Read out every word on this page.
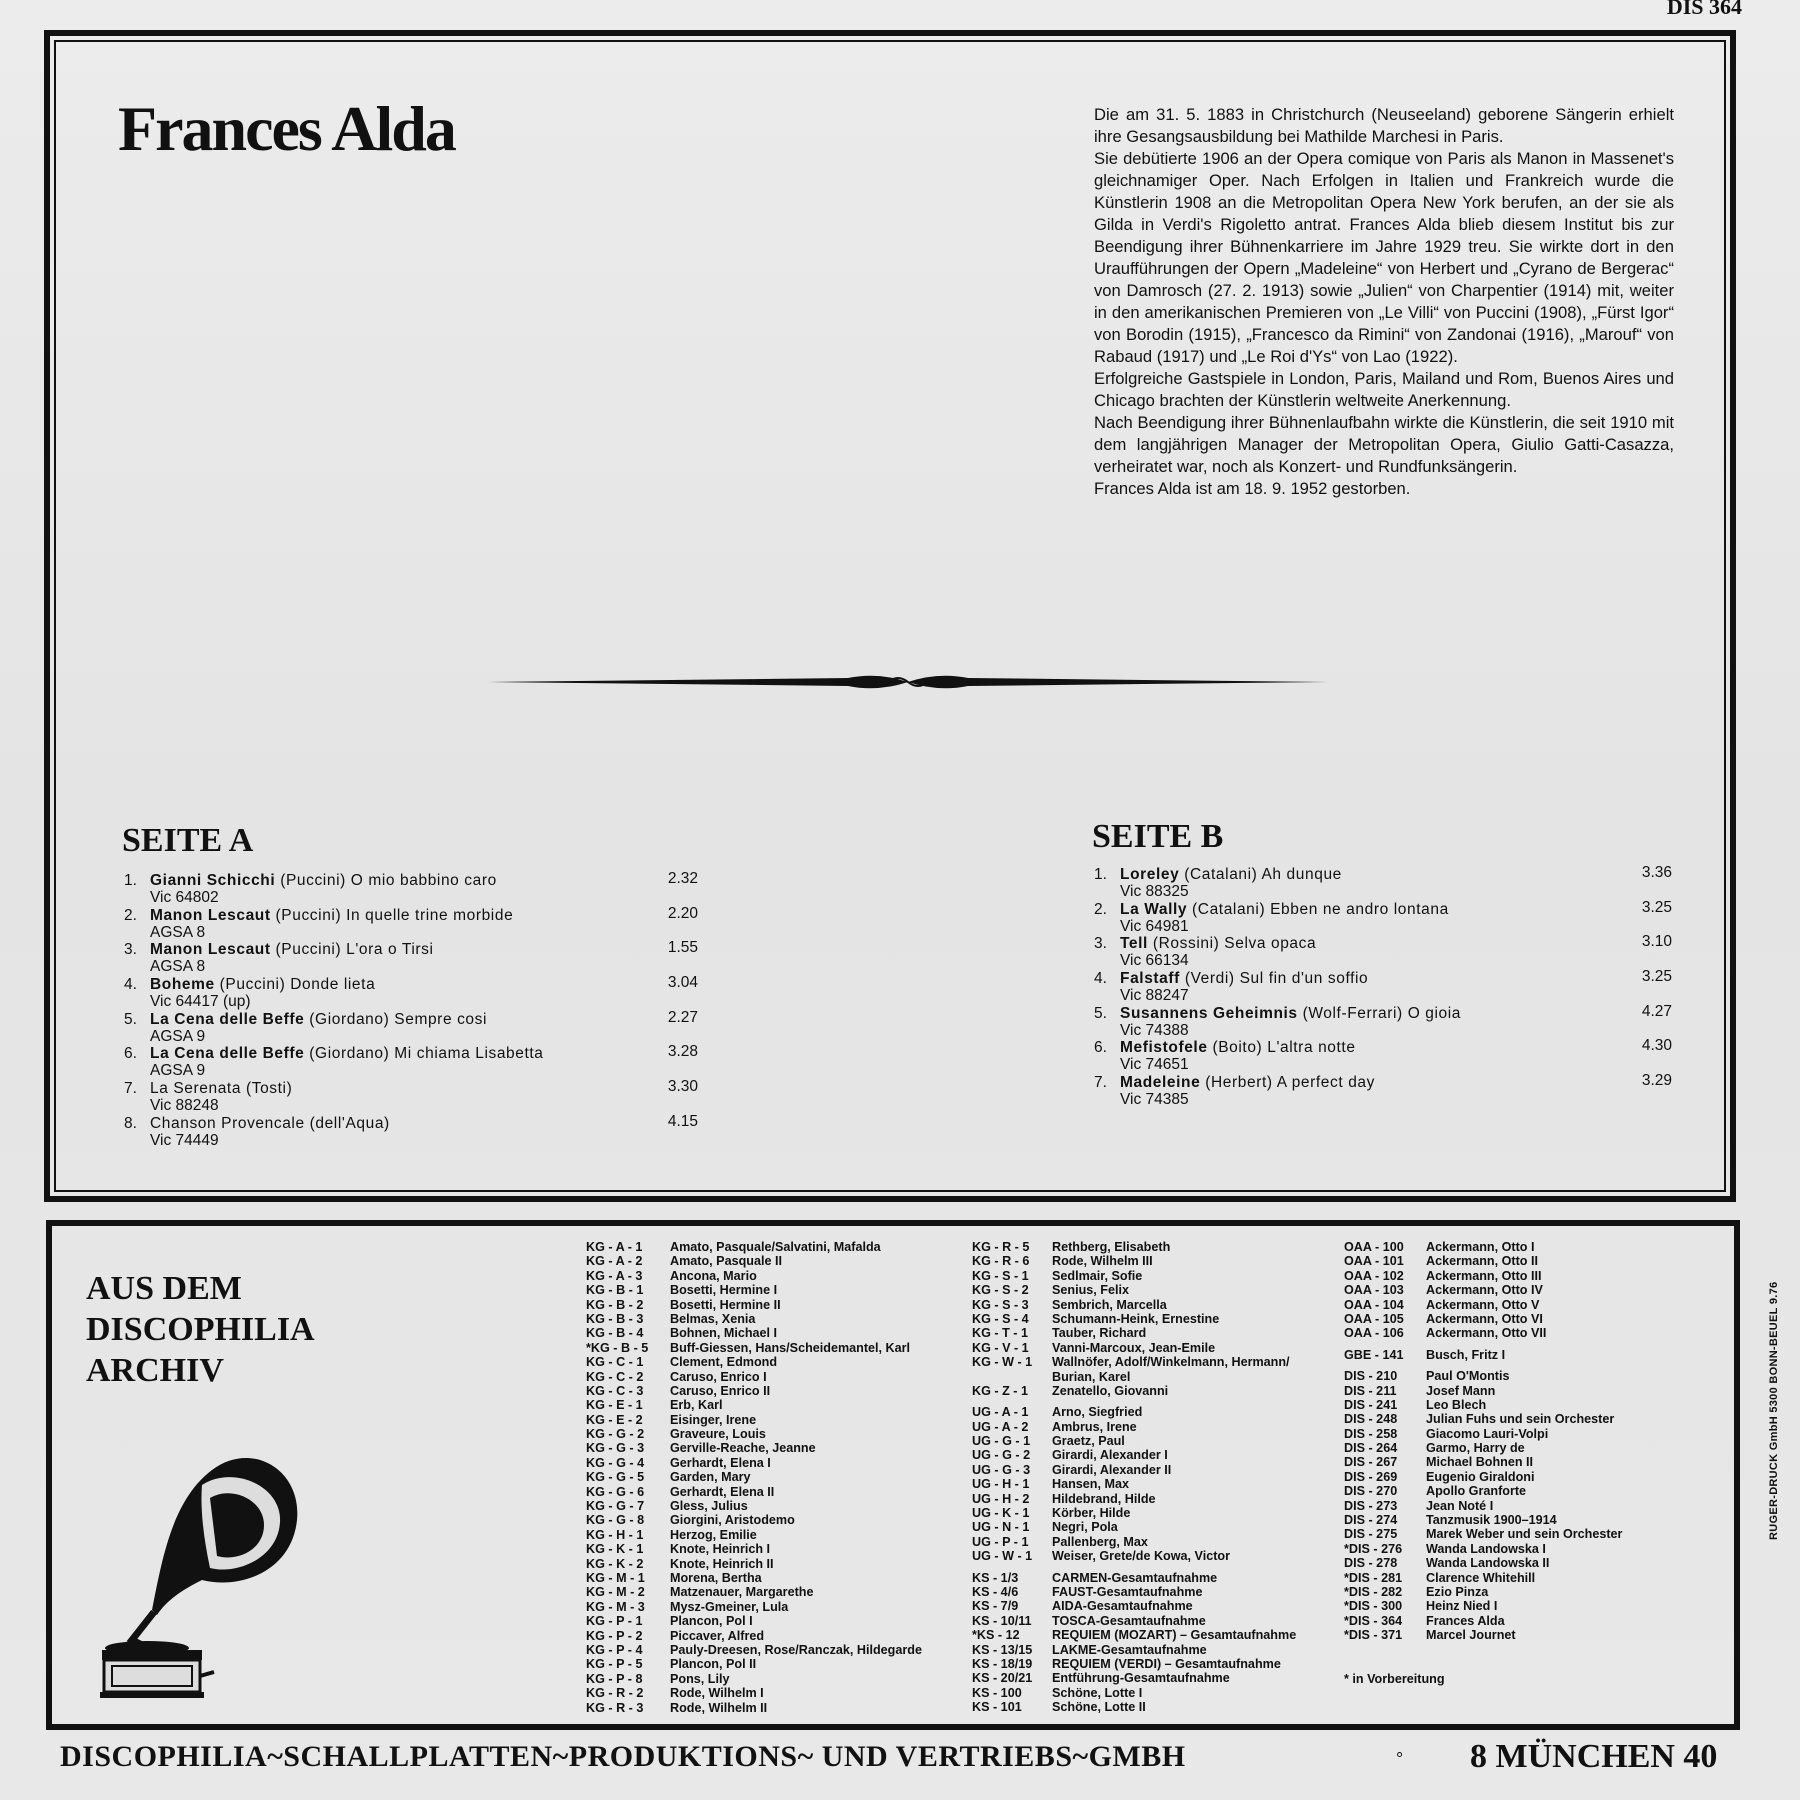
DIS 364
Frances Alda	Die am 31. 5. 1883 in Christchurch (Neuseeland) geborene Sängerin erhielt ihre Gesangsausbildung bei Mathilde Marchesi in Paris.

Sie debütierte 1906 an der Opera comique von Paris als Manon in Massenet's gleichnamiger Oper. Nach Erfolgen in Italien und Frankreich wurde die Künstlerin 1908 an die Metropolitan Opera New York berufen, an der sie als Gilda in Verdi's Rigoletto antrat. Frances Alda blieb diesem Institut bis zur Beendigung ihrer Bühnenkarriere im Jahre 1929 treu. Sie wirkte dort in den Uraufführungen der Opern „Madeleine“ von Herbert und „Cyrano de Bergerac“ von Damrosch (27. 2. 1913) sowie „Julien“ von Charpentier (1914) mit, weiter in den amerikanischen Premieren von „Le Villi“ von Puccini (1908), „Fürst Igor“ von Borodin (1915), „Francesco da Rimini“ von Zandonai (1916), „Marouf“ von Rabaud (1917) und „Le Roi d'Ys“ von Lao (1922).

Erfolgreiche Gastspiele in London, Paris, Mailand und Rom, Buenos Aires und Chicago brachten der Künstlerin weltweite Anerkennung.

Nach Beendigung ihrer Bühnenlaufbahn wirkte die Künstlerin, die seit 1910 mit dem langjährigen Manager der Metropolitan Opera, Giulio Gatti-Casazza, verheiratet war, noch als Konzert- und Rundfunksängerin.

Frances Alda ist am 18. 9. 1952 gestorben.

SEITE A
1. Gianni Schicchi (Puccini) O mio babbino caro
Vic 64802
2.32
2. Manon Lescaut (Puccini) In quelle trine morbide
AGSA 8
2.20
3. Manon Lescaut (Puccini) L'ora o Tirsi
AGSA 8
1.55
4. Boheme (Puccini) Donde lieta
Vic 64417 (up)
3.04
5. La Cena delle Beffe (Giordano) Sempre cosi
AGSA 9
2.27
6. La Cena delle Beffe (Giordano) Mi chiama Lisabetta
AGSA 9
3.28
7. La Serenata (Tosti)
Vic 88248
3.30
8. Chanson Provencale (dell'Aqua)
Vic 74449
4.15
SEITE B
1. Loreley (Catalani) Ah dunque
Vic 88325
3.36
2. La Wally (Catalani) Ebben ne andro lontana
Vic 64981
3.25
3. Tell (Rossini) Selva opaca
Vic 66134
3.10
4. Falstaff (Verdi) Sul fin d'un soffio
Vic 88247
3.25
5. Susannens Geheimnis (Wolf-Ferrari) O gioia
Vic 74388
4.27
6. Mefistofele (Boito) L'altra notte
Vic 74651
4.30
7. Madeleine (Herbert) A perfect day
Vic 74385
3.29
AUS DEM
DISCOPHILIA
ARCHIV
KG - A - 1 Amato, Pasquale/Salvatini, Mafalda
KG - A - 2 Amato, Pasquale II
KG - A - 3 Ancona, Mario
KG - B - 1 Bosetti, Hermine I
KG - B - 2 Bosetti, Hermine II
KG - B - 3 Belmas, Xenia
KG - B - 4 Bohnen, Michael I
*KG - B - 5 Buff-Giessen, Hans/Scheidemantel, Karl
KG - C - 1 Clement, Edmond
KG - C - 2 Caruso, Enrico I
KG - C - 3 Caruso, Enrico II
KG - E - 1 Erb, Karl
KG - E - 2 Eisinger, Irene
KG - G - 2 Graveure, Louis
KG - G - 3 Gerville-Reache, Jeanne
KG - G - 4 Gerhardt, Elena I
KG - G - 5 Garden, Mary
KG - G - 6 Gerhardt, Elena II
KG - G - 7 Gless, Julius
KG - G - 8 Giorgini, Aristodemo
KG - H - 1 Herzog, Emilie
KG - K - 1 Knote, Heinrich I
KG - K - 2 Knote, Heinrich II
KG - M - 1 Morena, Bertha
KG - M - 2 Matzenauer, Margarethe
KG - M - 3 Mysz-Gmeiner, Lula
KG - P - 1 Plancon, Pol I
KG - P - 2 Piccaver, Alfred
KG - P - 4 Pauly-Dreesen, Rose/Ranczak, Hildegarde
KG - P - 5 Plancon, Pol II
KG - P - 8 Pons, Lily
KG - R - 2 Rode, Wilhelm I
KG - R - 3 Rode, Wilhelm II
KG - R - 5 Rethberg, Elisabeth
KG - R - 6 Rode, Wilhelm III
KG - S - 1 Sedlmair, Sofie
KG - S - 2 Senius, Felix
KG - S - 3 Sembrich, Marcella
KG - S - 4 Schumann-Heink, Ernestine
KG - T - 1 Tauber, Richard
KG - V - 1 Vanni-Marcoux, Jean-Emile
KG - W - 1 Wallnöfer, Adolf/Winkelmann, Hermann/
Burian, Karel
KG - Z - 1 Zenatello, Giovanni
UG - A - 1 Arno, Siegfried
UG - A - 2 Ambrus, Irene
UG - G - 1 Graetz, Paul
UG - G - 2 Girardi, Alexander I
UG - G - 3 Girardi, Alexander II
UG - H - 1 Hansen, Max
UG - H - 2 Hildebrand, Hilde
UG - K - 1 Körber, Hilde
UG - N - 1 Negri, Pola
UG - P - 1 Pallenberg, Max
UG - W - 1 Weiser, Grete/de Kowa, Victor
KS - 1/3	CARMEN-Gesamtaufnahme
KS - 4/6	FAUST-Gesamtaufnahme
KS - 7/9	AIDA-Gesamtaufnahme
KS - 10/11 TOSCA-Gesamtaufnahme
*KS - 12	REQUIEM (MOZART) – Gesamtaufnahme
KS - 13/15 LAKME-Gesamtaufnahme
KS - 18/19 REQUIEM (VERDI) – Gesamtaufnahme
KS - 20/21 Entführung-Gesamtaufnahme
KS - 100 Schöne, Lotte I
KS - 101 Schöne, Lotte II
OAA - 100 Ackermann, Otto I
OAA - 101 Ackermann, Otto II
OAA - 102 Ackermann, Otto III
OAA - 103 Ackermann, Otto IV
OAA - 104 Ackermann, Otto V
OAA - 105 Ackermann, Otto VI
OAA - 106 Ackermann, Otto VII
GBE - 141 Busch, Fritz I
DIS - 210 Paul O'Montis
DIS - 211 Josef Mann
DIS - 241 Leo Blech
DIS - 248 Julian Fuhs und sein Orchester
DIS - 258 Giacomo Lauri-Volpi
DIS - 264 Garmo, Harry de
DIS - 267 Michael Bohnen II
DIS - 269 Eugenio Giraldoni
DIS - 270 Apollo Granforte
DIS - 273 Jean Noté I
DIS - 274 Tanzmusik 1900–1914
DIS - 275 Marek Weber und sein Orchester
*DIS - 276 Wanda Landowska I
DIS - 278 Wanda Landowska II
*DIS - 281 Clarence Whitehill
*DIS - 282 Ezio Pinza
*DIS - 300 Heinz Nied I
*DIS - 364 Frances Alda
*DIS - 371 Marcel Journet
* in Vorbereitung
RUGER-DRUCK GmbH 5300 BONN-BEUEL 9.76
DISCOPHILIA~SCHALLPLATTEN~PRODUKTIONS~ UND VERTRIEBS~GMBH	° 8 MÜNCHEN 40
